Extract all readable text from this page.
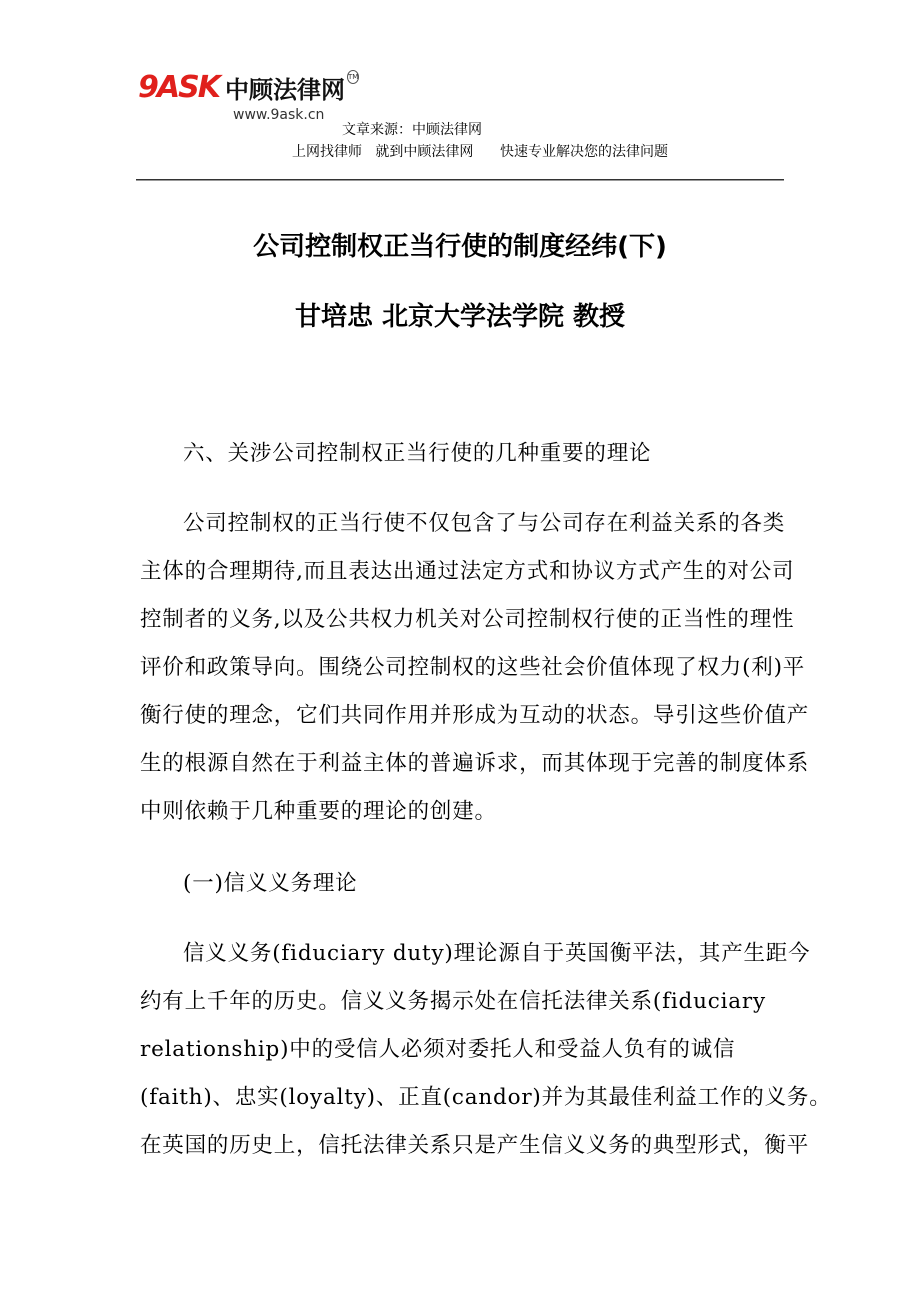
9ASK 中顾法律网 TM
www.9ask.cn
文章来源：中顾法律网
上网找律师   就到中顾法律网      快速专业解决您的法律问题
公司控制权正当行使的制度经纬(下)
甘培忠 北京大学法学院 教授
六、关涉公司控制权正当行使的几种重要的理论
公司控制权的正当行使不仅包含了与公司存在利益关系的各类
主体的合理期待,而且表达出通过法定方式和协议方式产生的对公司
控制者的义务,以及公共权力机关对公司控制权行使的正当性的理性
评价和政策导向。围绕公司控制权的这些社会价值体现了权力(利)平
衡行使的理念，它们共同作用并形成为互动的状态。导引这些价值产
生的根源自然在于利益主体的普遍诉求，而其体现于完善的制度体系
中则依赖于几种重要的理论的创建。
(一)信义义务理论
信义义务(fiduciary duty)理论源自于英国衡平法，其产生距今
约有上千年的历史。信义义务揭示处在信托法律关系(fiduciary
relationship)中的受信人必须对委托人和受益人负有的诚信
(faith)、忠实(loyalty)、正直(candor)并为其最佳利益工作的义务。
在英国的历史上，信托法律关系只是产生信义义务的典型形式，衡平
